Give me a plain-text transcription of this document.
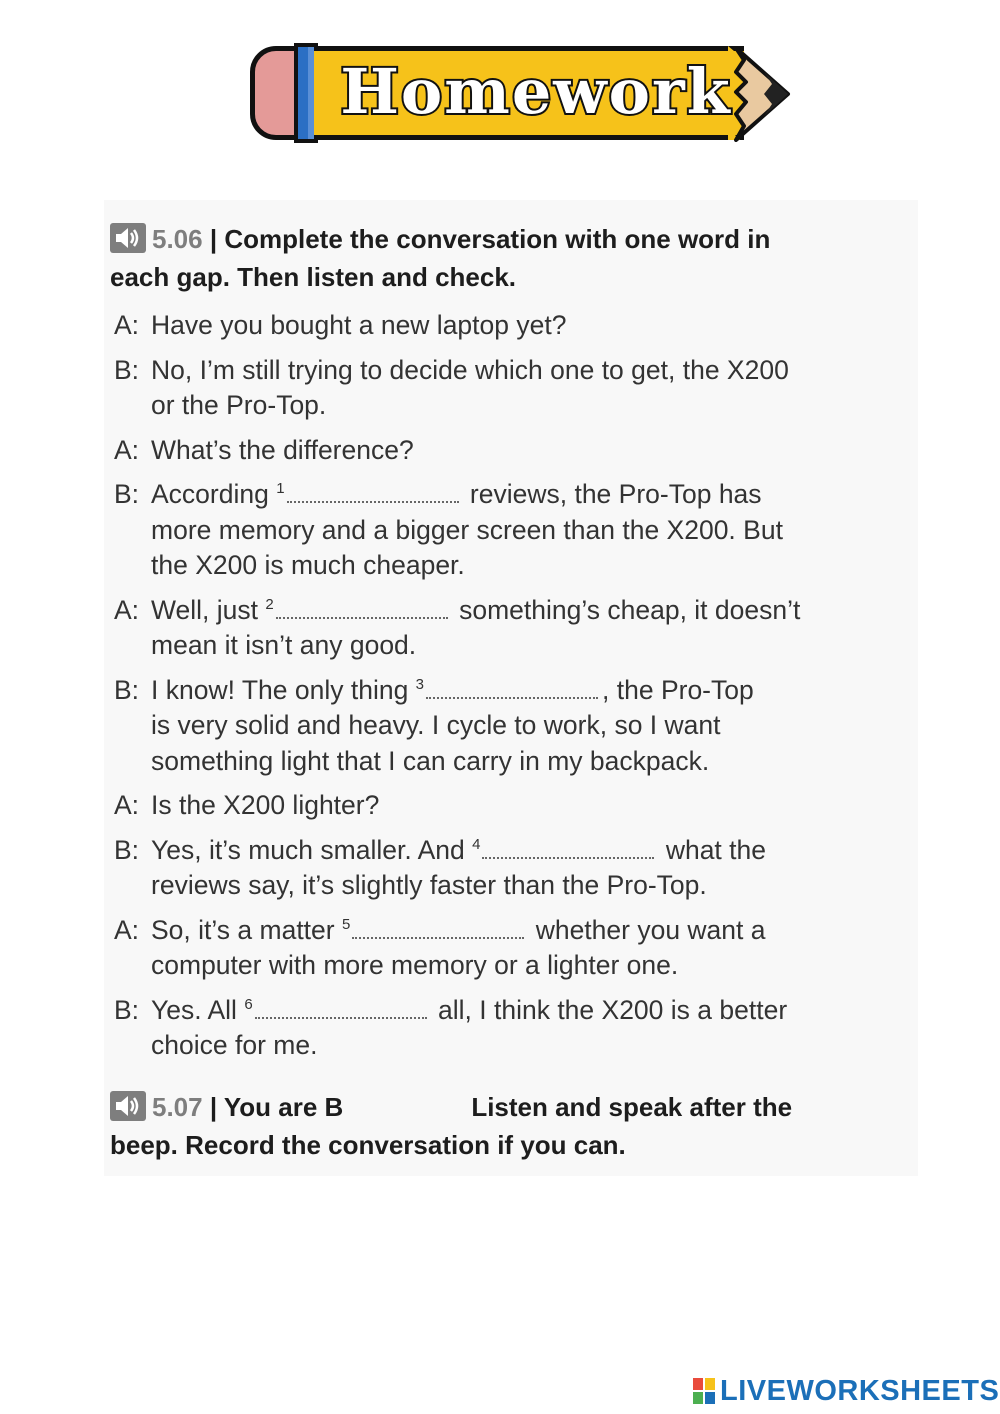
Homework
5.06 | Complete the conversation with one word in
each gap. Then listen and check.
A: Have you bought a new laptop yet?
B: No, I’m still trying to decide which one to get, the X200
or the Pro-Top.
A: What’s the difference?
B: According $^1$	reviews, the Pro-Top has
more memory and a bigger screen than the X200. But
the X200 is much cheaper.
A: Well, just $^2$	something’s cheap, it doesn’t
mean it isn’t any good.
B: I know! The only thing $^3$	, the Pro-Top
is very solid and heavy. I cycle to work, so I want
something light that I can carry in my backpack.
A: Is the X200 lighter?
B: Yes, it’s much smaller. And $^4$	what the
reviews say, it’s slightly faster than the Pro-Top.
A: So, it’s a matter $^5$	whether you want a
computer with more memory or a lighter one.
B: Yes. All $^6$	all, I think the X200 is a better
choice for me.
5.07 | You are B	Listen and speak after the
beep. Record the conversation if you can.
LIVEWORKSHEETS
